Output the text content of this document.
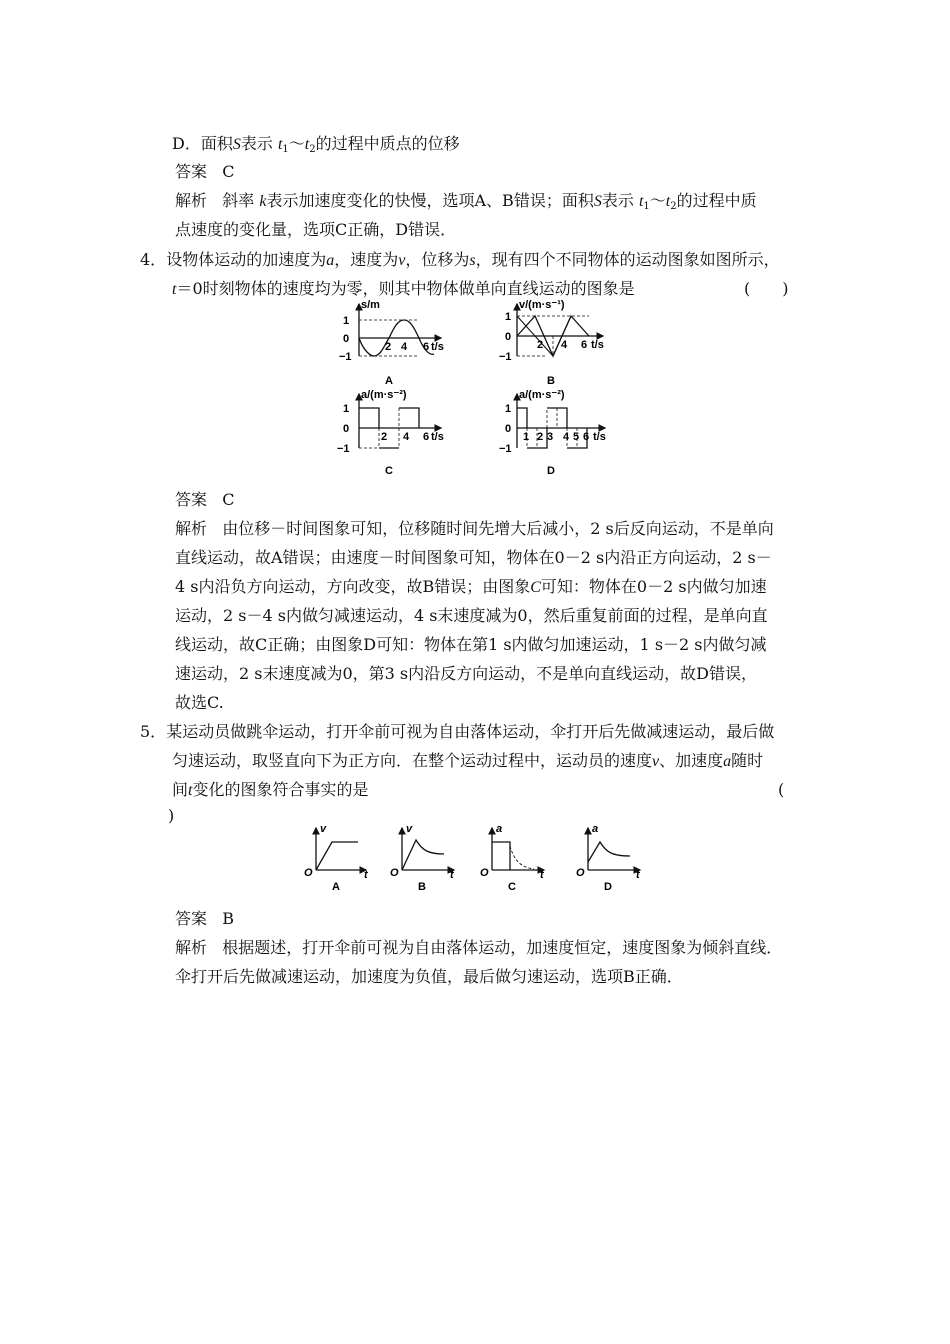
D．面积S表示 $t_1\sim t_2$的过程中质点的位移
答案 C
解析 斜率 k表示加速度变化的快慢，选项A、B错误；面积S表示 $t_1\sim t_2$的过程中质
点速度的变化量，选项C正确，D错误．
4．设物体运动的加速度为a，速度为v，位移为s，现有四个不同物体的运动图象如图所示，
t＝0时刻物体的速度均为零，则其中物体做单向直线运动的图象是	(　　)
s/m
1
0
−1
2 4 6 t/s
A
v/(m·s⁻¹)
1
0
−1
2 4 6 t/s
B
a/(m·s⁻²)
1
0
−1
2 4 6 t/s
C
a/(m·s⁻²)
1
0
−1
1 2 3 4 5 6 t/s
D
答案 C
解析 由位移－时间图象可知，位移随时间先增大后减小，2 s后反向运动，不是单向
直线运动，故A错误；由速度－时间图象可知，物体在0－2 s内沿正方向运动，2 s－
4 s内沿负方向运动，方向改变，故B错误；由图象C可知：物体在0－2 s内做匀加速
运动，2 s－4 s内做匀减速运动，4 s末速度减为0，然后重复前面的过程，是单向直
线运动，故C正确；由图象D可知：物体在第1 s内做匀加速运动，1 s－2 s内做匀减
速运动，2 s末速度减为0，第3 s内沿反方向运动，不是单向直线运动，故D错误，
故选C.
5．某运动员做跳伞运动，打开伞前可视为自由落体运动，伞打开后先做减速运动，最后做
匀速运动，取竖直向下为正方向．在整个运动过程中，运动员的速度v、加速度a随时
间t变化的图象符合事实的是	(
)
v
O	t
A
v
O	t
B
a
O	t
C
a
O	t
D
答案 B
解析 根据题述，打开伞前可视为自由落体运动，加速度恒定，速度图象为倾斜直线．
伞打开后先做减速运动，加速度为负值，最后做匀速运动，选项B正确．
